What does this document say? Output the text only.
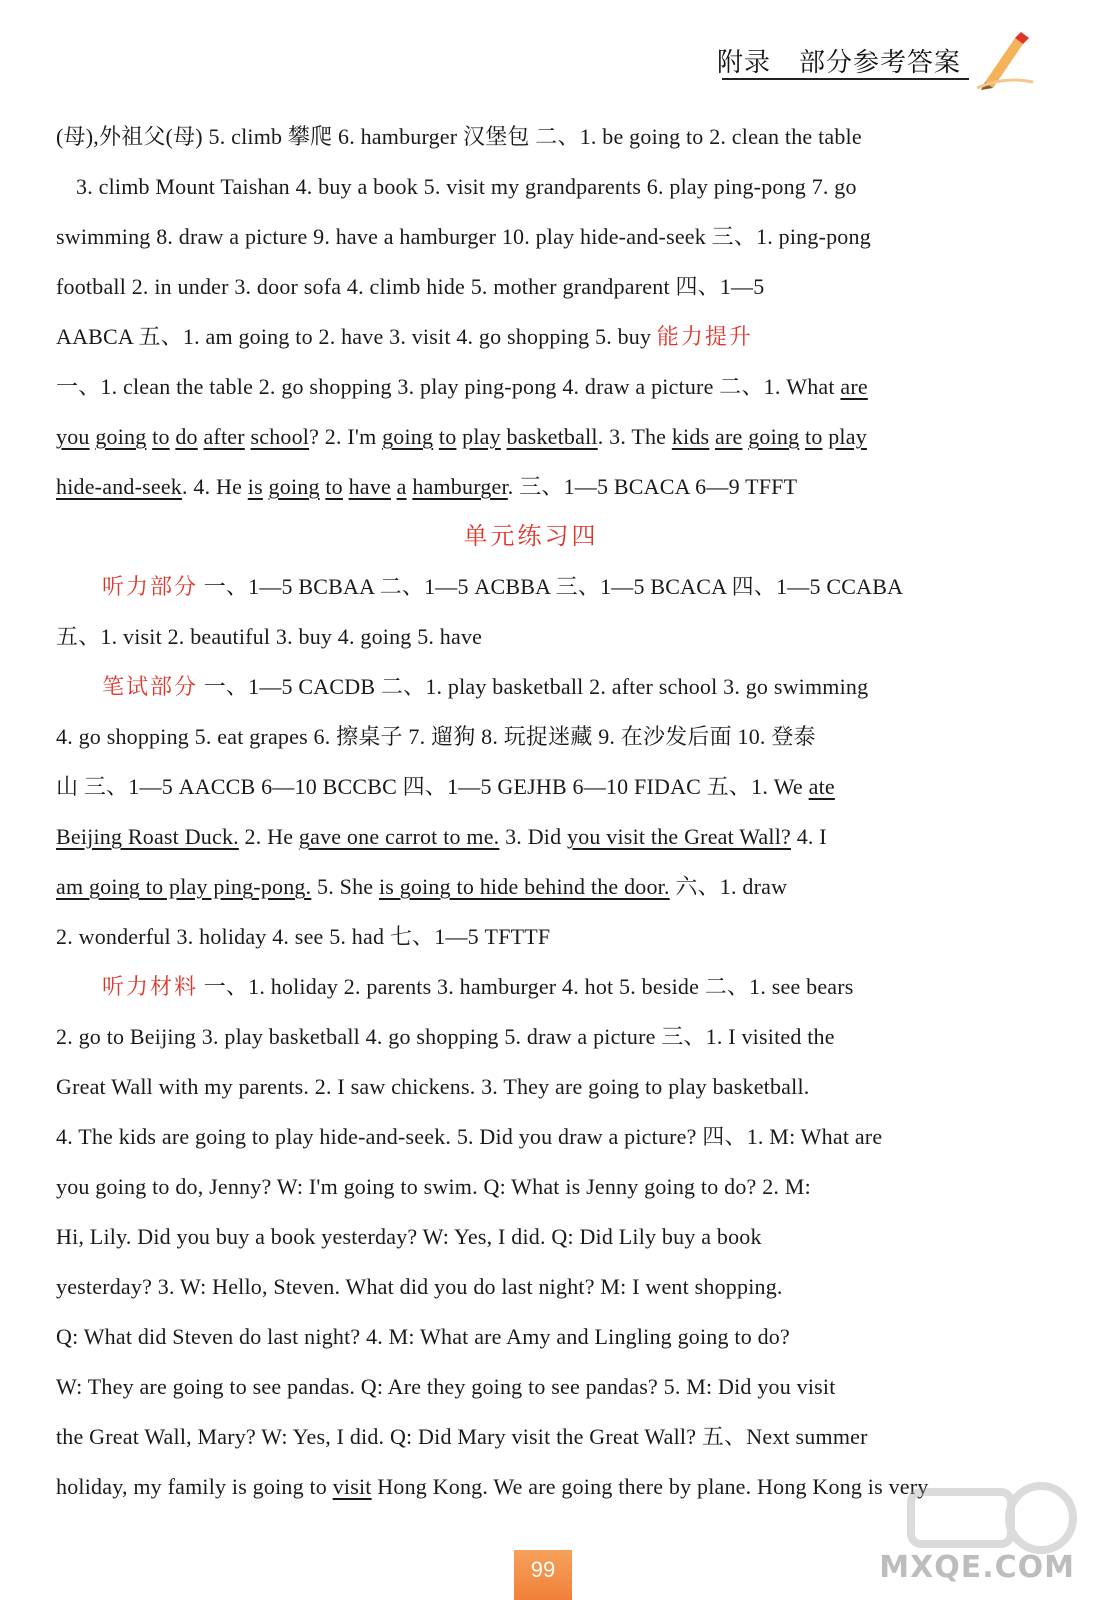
附录 部分参考答案
(母),外祖父(母) 5. climb 攀爬 6. hamburger 汉堡包 二、1. be going to 2. clean the table
3. climb Mount Taishan 4. buy a book 5. visit my grandparents 6. play ping-pong 7. go
swimming 8. draw a picture 9. have a hamburger 10. play hide-and-seek 三、1. ping-pong
football 2. in under 3. door sofa 4. climb hide 5. mother grandparent 四、1—5
AABCA 五、1. am going to 2. have 3. visit 4. go shopping 5. buy 能力提升
一、1. clean the table 2. go shopping 3. play ping-pong 4. draw a picture 二、1. What are
you going to do after school? 2. I'm going to play basketball. 3. The kids are going to play
hide-and-seek. 4. He is going to have a hamburger. 三、1—5 BCACA 6—9 TFFT
单元练习四
听力部分 一、1—5 BCBAA 二、1—5 ACBBA 三、1—5 BCACA 四、1—5 CCABA
五、1. visit 2. beautiful 3. buy 4. going 5. have
笔试部分 一、1—5 CACDB 二、1. play basketball 2. after school 3. go swimming
4. go shopping 5. eat grapes 6. 擦桌子 7. 遛狗 8. 玩捉迷藏 9. 在沙发后面 10. 登泰
山 三、1—5 AACCB 6—10 BCCBC 四、1—5 GEJHB 6—10 FIDAC 五、1. We ate
Beijing Roast Duck. 2. He gave one carrot to me. 3. Did you visit the Great Wall? 4. I
am going to play ping-pong. 5. She is going to hide behind the door. 六、1. draw
2. wonderful 3. holiday 4. see 5. had 七、1—5 TFTTF
听力材料 一、1. holiday 2. parents 3. hamburger 4. hot 5. beside 二、1. see bears
2. go to Beijing 3. play basketball 4. go shopping 5. draw a picture 三、1. I visited the
Great Wall with my parents. 2. I saw chickens. 3. They are going to play basketball.
4. The kids are going to play hide-and-seek. 5. Did you draw a picture? 四、1. M: What are
you going to do, Jenny? W: I'm going to swim. Q: What is Jenny going to do? 2. M:
Hi, Lily. Did you buy a book yesterday? W: Yes, I did. Q: Did Lily buy a book
yesterday? 3. W: Hello, Steven. What did you do last night? M: I went shopping.
Q: What did Steven do last night? 4. M: What are Amy and Lingling going to do?
W: They are going to see pandas. Q: Are they going to see pandas? 5. M: Did you visit
the Great Wall, Mary? W: Yes, I did. Q: Did Mary visit the Great Wall? 五、Next summer
holiday, my family is going to visit Hong Kong. We are going there by plane. Hong Kong is very
99	MXQE.COM
